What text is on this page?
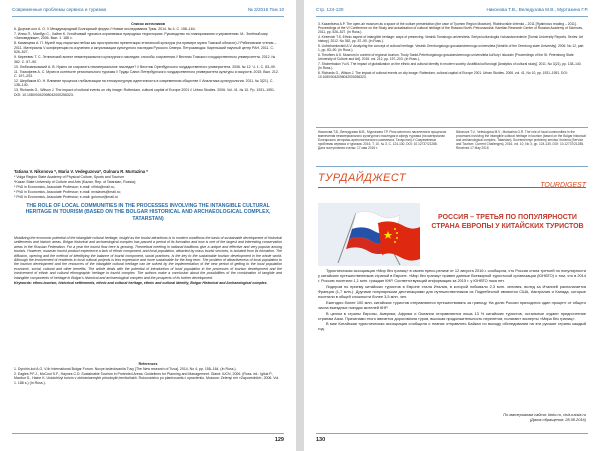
Современные проблемы сервиса и туризма	№ 3/2016 Том 10

Список источников

6. Дырчин-кол А. О. V Международный Болгарский форум // Новые исследования Тувы. 2014. № 4. С. 158–164.

7. Илюк П., Манбур С., Хайне К. Устойчивый туризм в охраняемых природных территориях. Руководство по планированию и управлению. М.: Зелёный мир «Заповедники», 2006. Вып. 1. 188 с.

8. Казанцева А. П. Музей под открытым небом как пространство презентации этнической культуры (на примере музея Томской области) // Рябиновские чтения – 2011. Материалы V конференции по изучению и актуализации культурного наследия Русского Севера. Петрозаводск: Карельский научный центр РАН, 2011. С. 526–527.

9. Киреевич Т. С. Этнический аспект нематериального культурного наследия: способы сохранения // Вестник Томского государственного университета. 2012. № 362. С. 87–90.

10. Любичанковский А. В. Нужно ли сохранять нематериальное наследие? // Вестник Оренбургского государственного университета. 2006. № 12. Ч. 1. С. 83–90.

11. Тимофеев А. С. Музеи в контексте регионального туризма // Труды Санкт-Петербургского государственного университета культуры и искусств. 2015. Вып. 212. С. 197–203.

12. Шербаков Ю. Н. Влияние процесса глобализации на этнокультурную идентичность в современном обществе // Аналитика культурологии. 2011. № 3(21). С. 138–140.

13. Richards G., Wilson J. The impact of cultural events on city image: Rotterdam, cultural capital of Europe 2001 // Urban Studies. 2006. Vol. 41. № 10. Pp. 1931–1951. DOI: 10.1080/0042098042000256323.

Tatiana V. Nikonova *, Maria V. Vedeguzova*, Gulnara R. Murtazina *

* Volga Region State Academy of Physical Culture, Sports and Tourism

*Kazan State University of Culture and Arts (Kazan, Rep. of Tatarstan, Russia);

* PhD in Economics, Associate Professor; e-mail: vi9rtu@mail.ru;

* PhD in Economics, Associate Professor; e-mail: mvslaves@mail.ru;

* PhD in Economics, Associate Professor; e-mail: gulumur@mail.ru

THE ROLE OF LOCAL COMMUNITIES IN THE PROCESSES INVOLVING THE INTANGIBLE CULTURAL HERITAGE IN TOURISM (BASED ON THE BOLGAR HISTORICAL AND ARCHAEOLOGICAL COMPLEX, TATARSTAN)

Mobilizing the economic potential of the intangible cultural heritage, insight as the tourist attractions is in modern conditions the basis of sustainable development of historical settlements and historic areas. Bolgar historical and archaeological complex has passed a period of its formation and now is one of the largest and interesting conservation areas in the Russian Federation. For a year the tourist flow here is growing. Theoretical meeting in national traditions give a unique and effective and very popular among tourists. However, museum tourist product experience a lack of ethnic component, and local population, attracted by mass tourist services, is isolated from its formation. The diffusion, opening and the method of identifying the balance of tourist component, social practices, is the key to the sustainable tourism development in the whole world. Although the involvement of residents in local cultural projects is less expressive and more sustainable for the long term. The problem of attractiveness of local population to the tourism development and the resources of the intangible cultural heritage can be solved by the implementation of the new period of getting to the local population economic, social, cultural and other benefits. The article deals with the potential of introduction of local population in the processes of tourism development and the involvement of ethnic and cultural ethnographic heritage in tourist complex. The authors make a conclusion about the possibilities of the combination of tangible and intangible components of heritage in Bolgar's historical and archaeological complex and the prospects of its further development.

Keywords: ethno-tourism, historical settlements, ethnic and cultural heritage, ethnic and cultural identity, Bolgar Historical and Archaeological complex.

References

1. Dyrchin-kol A.O. V-th International Bolgar Forum. Novye issledovaniia Tuvy [The New research of Tuva]. 2014. No 4, pp. 158–164. (In Russ.).

2. Eagles P.F.J., McCool S.F., Haynes C.D. Sustainable Tourism in Protected Areas: Guidelines for Planning and Management. Gland: IUCN, 2006. (Russ. ed.: Igliuk P., Manbur S., Haine K. Ustoichivyi turizm v okhraniaemykh prirodnykh territoriiakh. Rukovodstvo po planirovaniiu i upravleniiu. Moscow: Zelenyi mir «Zapovedniki», 2006. Vol. 1. 188 s.) (In Russ.).

129
Стр. 124-130	Никонова Т.В., Веледузова М.В., Муртазина Г.Р.

3. Kazantseva A.P. The open-air museum as a space of the culture presentation (the case of Tyumen Region Museum). Riabinovskie chteniia – 2011 [Ryabinovo reading – 2011]. Proceedings of the VI Conference on the Study and actualization of cultural heritage of the Russian North. Petrozavodsk: Karelian Research Center of Russian Academy of Sciences, 2011, pp. 526–527. (In Russ.).

4. Kireevich T.S. Ethnic aspect of intangible heritage: ways of preserving. Vestnik Tomskogo universiteta. Seriya kulturologiia i iskusstvovedenie [Tomsk University Reports. Series: Art history]. 2012. No 362, pp. 87–90. (In Russ.).

5. Liubichankovskii A.V. Analyzing the concept of cultural heritage. Vestnik Orenburgskogo gosudarstvennogo universiteta [Vestnik of the Orenburg state University]. 2006. No 12, part 1, pp. 83–90. (In Russ.).

6. Timofeev A.S. Museum in context of regional tourism. Trudy Sankt-Peterburgskogo gosudarstvennogo universiteta kul'tury i iskusstv [Proceedings of the St. Petersburg State University of Culture and Art]. 2015. vol. 212, pp. 197–203. (In Russ.).

7. Shcherbakov Yu.N. The impact of globalization on the ethnic and cultural identity in modern society. Analitika kul'turologii [Analytics of cultural study]. 2011. No 3(21), pp. 138–140. (In Russ.).

8. Richards G., Wilson J. The impact of cultural events on city image: Rotterdam, cultural capital of Europe 2001. Urban Studies. 2006. vol. 41, No 10, pp. 1931–1951. DOI: 10.1080/0042098042000256323.

Никонова Т.В., Веледузова М.В., Муртазина Г.Р. Роль местного населения в процессах вовлечения нематериального культурного наследия в сферу туризма (на материалах Болгарского историко-археологического комплекса, Татарстан) // Современные проблемы сервиса и туризма. 2016. Т. 10. № 3. С. 124-130. DOI: 10.12737/21288.

Дата поступления статьи: 17 мая 2016 г.

Nikonova T.V., Veledugova M.V., Murtazina G.R. The role of local communities in the processes involving the intangible cultural heritage in tourism (based on the Bolgar historical and archaeological complex, Tatarstan). Sovremennye problemy servisa i turizma [Service and Tourism: Current Challenges]. 2016. vol. 10, No 3, pp. 124-130. DOI: 10.12737/21288.

Received 17 May 2016

ТУРДАЙДЖЕСТ
TOURDIGEST
РОССИЯ – ТРЕТЬЯ ПО ПОПУЛЯРНОСТИ СТРАНА ЕВРОПЫ У КИТАЙСКИХ ТУРИСТОВ

Туристическая ассоциация «Мир без границ» в своем пресс-релизе от 12 августа 2016 г. сообщила, что Россия стала третьей по популярности у китайских путешественников страной в Европе. «Мир без границ» привел данные Всемирной туристской организации (ЮНВТО) о том, что в 2014 г. Россию посетили 1,1 млн. граждан КНР. Соответствующий информация за 2015 г. у ЮНВТО пока нет.

Лидером по приему китайских туристов в Европе стала Италия, в которой побывало 2,3 млн. человек, вслед за Италией располагается Франция (1,7 млн.). Другими популярными дестинациями для путешественников из Поднебесной являются США, Австралия и Канада, которые посетили в общей сложности более 3,5 млн. чел.

Ежегодно более 100 млн. китайских туристов отправляются путешествовать за границу. На долю России приходится один процент от общего числа выездных поездок жителей КНР.

В целом в страны Европы, Америки, Африки и Океании отправляются лишь 13 % китайских туристов, остальные отдают предпочтение странам Азии. Причинами этого является дорогови́зна туров, высокая продолжительность перелетов, полагают эксперты «Мира без границ».

В мае Китайская туристическая ассоциация сообщила о планах отправлять Байкал по выходу обследования на эти русские страны каждый год.

По материалам сайта: ktoto.ru, visit-russia.ru

(Дата обращения: 28.08.2016)

130
